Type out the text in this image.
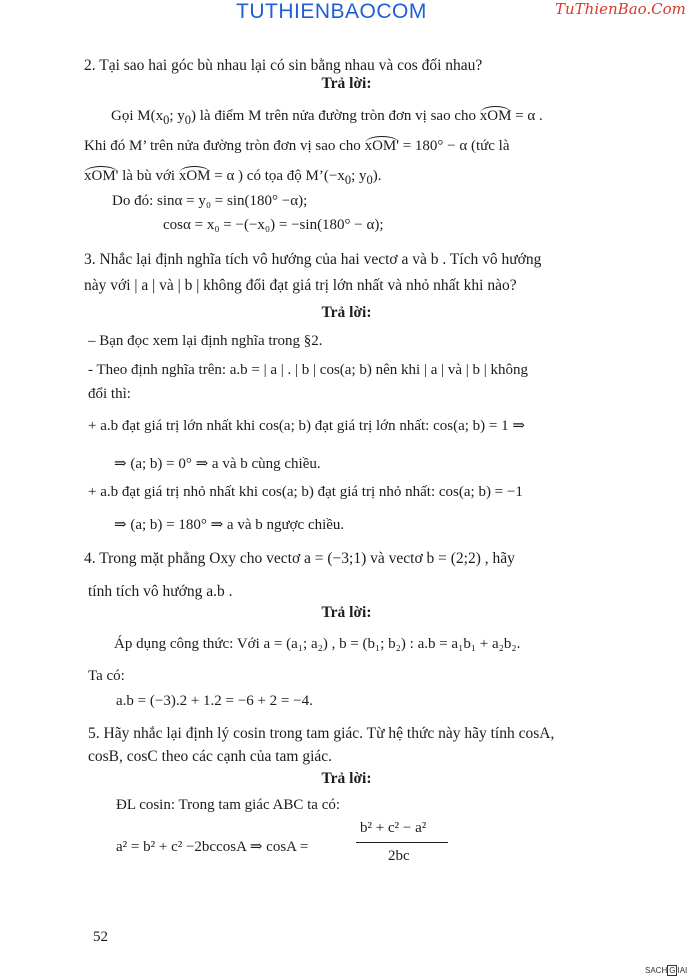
TUTHIENBAOCOM	TuThienBao.Com
2. Tại sao hai góc bù nhau lại có sin bằng nhau và cos đối nhau?
Trả lời:
Gọi $M(x_0$; $y_0$) là điểm M trên nửa đường tròn đơn vị sao cho xOM = α .
Khi đó M’ trên nửa đường tròn đơn vị sao cho xOM' = 180° − α (tức là
xOM' là bù với xOM = α ) có tọa độ $M’(-x_0$; $y_0$).
Do đó: sinα = y₀ = sin(180° −α);
cosα = x₀ = −(−x₀) = −sin(180° − α);
3. Nhắc lại định nghĩa tích vô hướng của hai vectơ a và b . Tích vô hướng
này với | a | và | b | không đổi đạt giá trị lớn nhất và nhỏ nhất khi nào?
Trả lời:
– Bạn đọc xem lại định nghĩa trong §2.
- Theo định nghĩa trên: a.b = | a | . | b | cos(a; b) nên khi | a | và | b | không
đổi thì:
+ a.b đạt giá trị lớn nhất khi cos(a; b) đạt giá trị lớn nhất: cos(a; b) = 1 ⇒
⇒ (a; b) = 0° ⇒ a và b cùng chiều.
+ a.b đạt giá trị nhỏ nhất khi cos(a; b) đạt giá trị nhỏ nhất: cos(a; b) = −1
⇒ (a; b) = 180° ⇒ a và b ngược chiều.
4. Trong mặt phẳng Oxy cho vectơ a = (−3;1) và vectơ b = (2;2) , hãy
tính tích vô hướng a.b .
Trả lời:
Áp dụng công thức: Với a = (a₁; a₂) , b = (b₁; b₂) : a.b = a₁b₁ + a₂b₂.
Ta có:
a.b = (−3).2 + 1.2 = −6 + 2 = −4.
5. Hãy nhắc lại định lý cosin trong tam giác. Từ hệ thức này hãy tính cosA,
cosB, cosC theo các cạnh của tam giác.
Trả lời:
ĐL cosin: Trong tam giác ABC ta có:
a² = b² + c² −2bccosA ⇒ cosA =
b² + c² − a²
2bc
52
SACH G IAI
